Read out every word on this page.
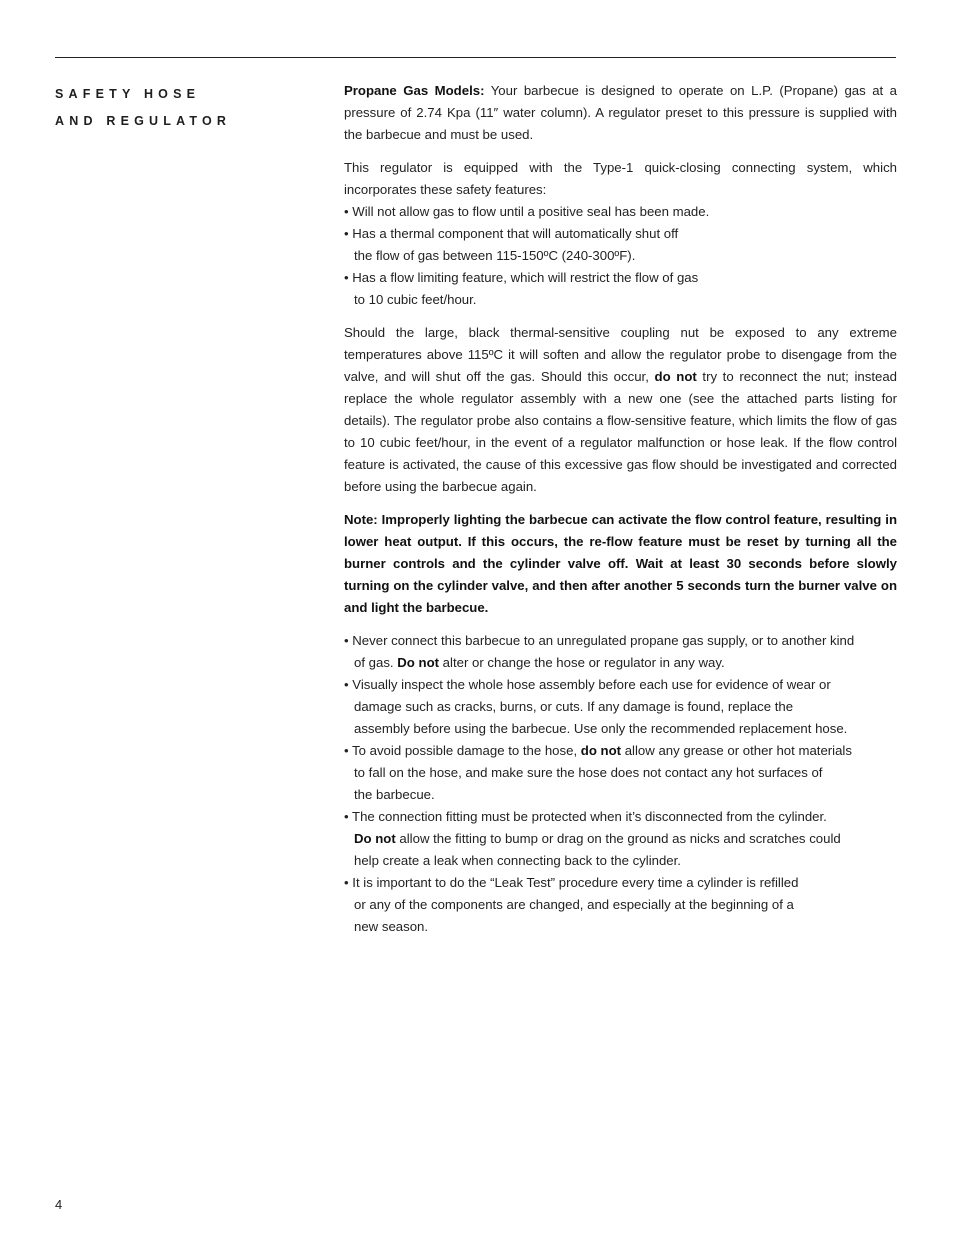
SAFETY HOSE
AND REGULATOR

Propane Gas Models: Your barbecue is designed to operate on L.P. (Propane) gas at a pressure of 2.74 Kpa (11″ water column). A regulator preset to this pressure is supplied with the barbecue and must be used.

This regulator is equipped with the Type-1 quick-closing connecting system, which incorporates these safety features:
• Will not allow gas to flow until a positive seal has been made.
• Has a thermal component that will automatically shut off
the flow of gas between 115-150ºC (240-300ºF).
• Has a flow limiting feature, which will restrict the flow of gas
to 10 cubic feet/hour.

Should the large, black thermal-sensitive coupling nut be exposed to any extreme temperatures above 115ºC it will soften and allow the regulator probe to disengage from the valve, and will shut off the gas. Should this occur, do not try to reconnect the nut; instead replace the whole regulator assembly with a new one (see the attached parts listing for details). The regulator probe also contains a flow-sensitive feature, which limits the flow of gas to 10 cubic feet/hour, in the event of a regulator malfunction or hose leak. If the flow control feature is activated, the cause of this excessive gas flow should be investigated and corrected before using the barbecue again.

Note: Improperly lighting the barbecue can activate the flow control feature, resulting in lower heat output. If this occurs, the re-flow feature must be reset by turning all the burner controls and the cylinder valve off. Wait at least 30 seconds before slowly turning on the cylinder valve, and then after another 5 seconds turn the burner valve on and light the barbecue.

• Never connect this barbecue to an unregulated propane gas supply, or to another kind
of gas. Do not alter or change the hose or regulator in any way.
• Visually inspect the whole hose assembly before each use for evidence of wear or
damage such as cracks, burns, or cuts. If any damage is found, replace the
assembly before using the barbecue. Use only the recommended replacement hose.
• To avoid possible damage to the hose, do not allow any grease or other hot materials
to fall on the hose, and make sure the hose does not contact any hot surfaces of
the barbecue.
• The connection fitting must be protected when it’s disconnected from the cylinder.
Do not allow the fitting to bump or drag on the ground as nicks and scratches could
help create a leak when connecting back to the cylinder.
• It is important to do the “Leak Test” procedure every time a cylinder is refilled
or any of the components are changed, and especially at the beginning of a
new season.
4
